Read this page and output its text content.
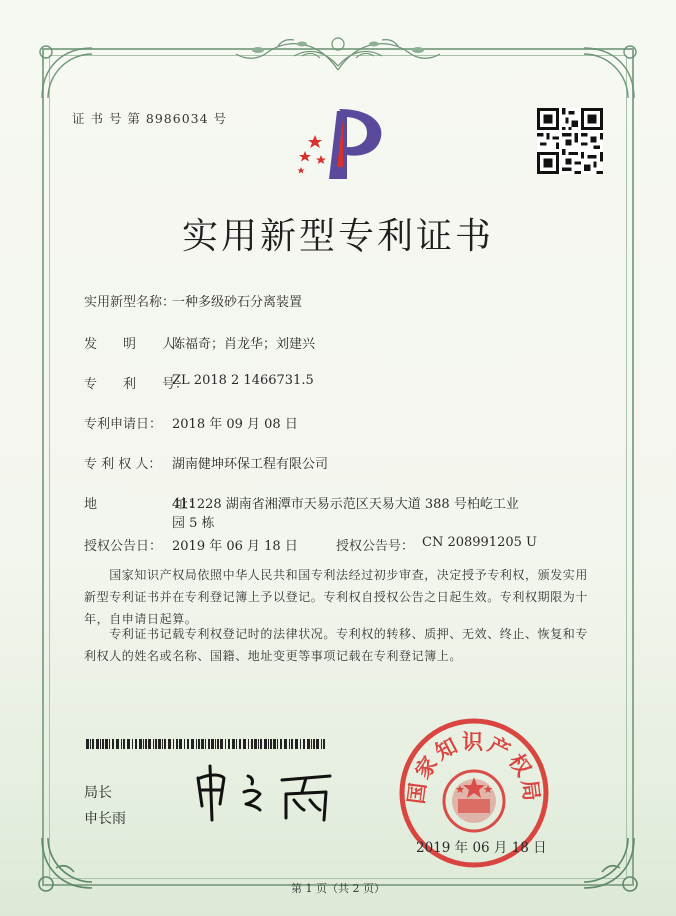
证 书 号 第 8986034 号
实用新型专利证书
实用新型名称：
一种多级砂石分离装置
发　　明　　人：
陈福奇；肖龙华；刘建兴
专　　利　　号：
ZL 2018 2 1466731.5
专利申请日： 2018 年 09 月 08 日
专 利 权 人： 湖南健坤环保工程有限公司
地　　　　　　址：
411228 湖南省湘潭市天易示范区天易大道 388 号柏屹工业
园 5 栋
授权公告日： 2019 年 06 月 18 日	授权公告号： CN 208991205 U
　　国家知识产权局依照中华人民共和国专利法经过初步审查，决定授予专利权，颁发实用新型专利证书并在专利登记簿上予以登记。专利权自授权公告之日起生效。专利权期限为十年，自申请日起算。
　　专利证书记载专利权登记时的法律状况。专利权的转移、质押、无效、终止、恢复和专利权人的姓名或名称、国籍、地址变更等事项记载在专利登记簿上。
局长
申长雨
国家知识产权局
2019 年 06 月 18 日
第 1 页（共 2 页）
